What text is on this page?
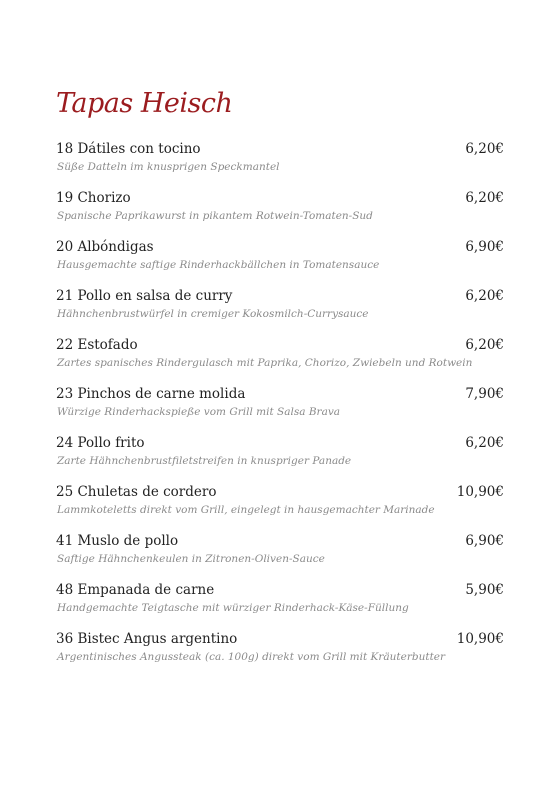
Tapas Heisch
18 Dátiles con tocino	6,20€
Süße Datteln im knusprigen Speckmantel
19 Chorizo	6,20€
Spanische Paprikawurst in pikantem Rotwein-Tomaten-Sud
20 Albóndigas	6,90€
Hausgemachte saftige Rinderhackbällchen in Tomatensauce
21 Pollo en salsa de curry	6,20€
Hähnchenbrustwürfel in cremiger Kokosmilch-Currysauce
22 Estofado	6,20€
Zartes spanisches Rindergulasch mit Paprika, Chorizo, Zwiebeln und Rotwein
23 Pinchos de carne molida	7,90€
Würzige Rinderhackspieße vom Grill mit Salsa Brava
24 Pollo frito	6,20€
Zarte Hähnchenbrustfiletstreifen in knuspriger Panade
25 Chuletas de cordero	10,90€
Lammkoteletts direkt vom Grill, eingelegt in hausgemachter Marinade
41 Muslo de pollo	6,90€
Saftige Hähnchenkeulen in Zitronen-Oliven-Sauce
48 Empanada de carne	5,90€
Handgemachte Teigtasche mit würziger Rinderhack-Käse-Füllung
36 Bistec Angus argentino	10,90€
Argentinisches Angussteak (ca. 100g) direkt vom Grill mit Kräuterbutter
